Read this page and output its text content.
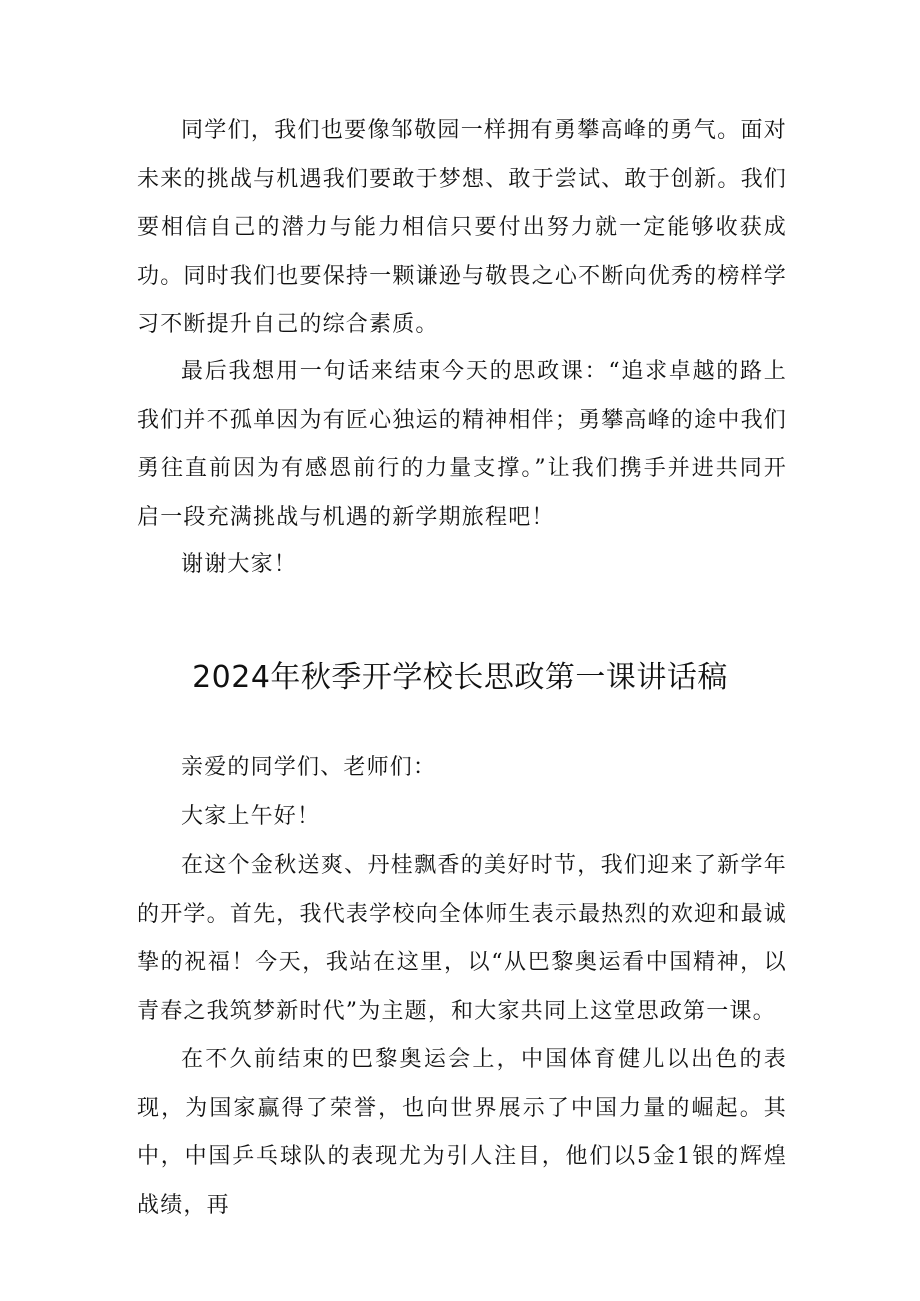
同学们，我们也要像邹敬园一样拥有勇攀高峰的勇气。面对未来的挑战与机遇我们要敢于梦想、敢于尝试、敢于创新。我们要相信自己的潜力与能力相信只要付出努力就一定能够收获成功。同时我们也要保持一颗谦逊与敬畏之心不断向优秀的榜样学习不断提升自己的综合素质。

最后我想用一句话来结束今天的思政课：“追求卓越的路上我们并不孤单因为有匠心独运的精神相伴；勇攀高峰的途中我们勇往直前因为有感恩前行的力量支撑。”让我们携手并进共同开启一段充满挑战与机遇的新学期旅程吧！

谢谢大家！

2024年秋季开学校长思政第一课讲话稿

亲爱的同学们、老师们：

大家上午好！

在这个金秋送爽、丹桂飘香的美好时节，我们迎来了新学年的开学。首先，我代表学校向全体师生表示最热烈的欢迎和最诚挚的祝福！今天，我站在这里，以“从巴黎奥运看中国精神，以青春之我筑梦新时代”为主题，和大家共同上这堂思政第一课。

在不久前结束的巴黎奥运会上，中国体育健儿以出色的表现，为国家赢得了荣誉，也向世界展示了中国力量的崛起。其中，中国乒乓球队的表现尤为引人注目，他们以5金1银的辉煌战绩，再
